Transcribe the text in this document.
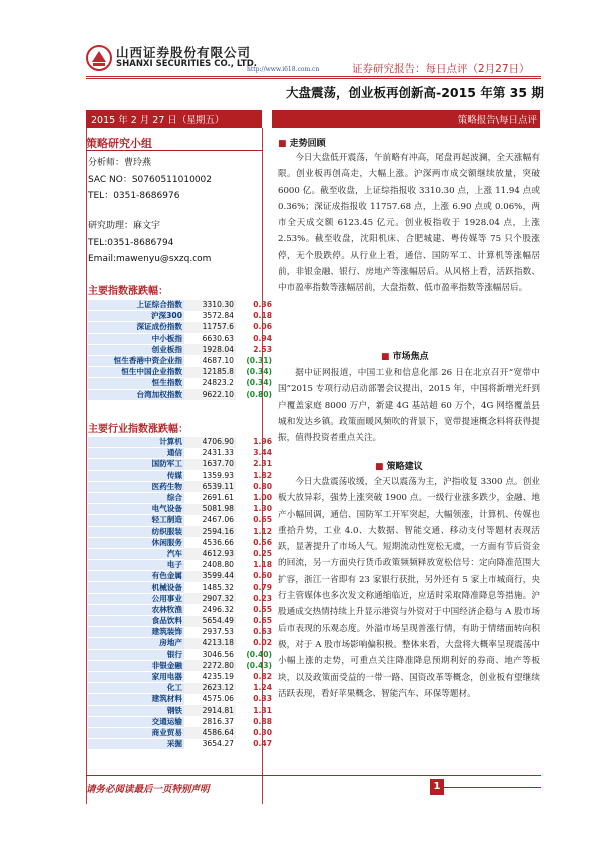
山西证券股份有限公司
SHANXI SECURITIES CO., LTD.
http://www.i618.com.cn	证券研究报告：每日点评（2月27日）
大盘震荡，创业板再创新高-2015 年第 35 期
2015 年 2 月 27 日（星期五）	策略报告\每日点评
策略研究小组
分析师：曹玲燕
SAC NO：S0760511010002
TEL：0351-8686976
研究助理：麻文宇
TEL:0351-8686794
Email:mawenyu@sxzq.com
主要指数涨跌幅：
上证综合指数	3310.30	0.36
沪深300	3572.84	0.18
深证成份指数	11757.6	0.06
中小板指	6630.63	0.94
创业板指	1928.04	2.53
恒生香港中资企业指	4687.10	(0.31)
恒生中国企业指数	12185.8	(0.34)
恒生指数	24823.2	(0.34)
台湾加权指数	9622.10	(0.80)
主要行业指数涨跌幅：
计算机	4706.90	1.96
通信	2431.33	3.44
国防军工	1637.70	2.31
传媒	1359.93	1.82
医药生物	6539.11	0.80
综合	2691.61	1.00
电气设备	5081.98	1.30
轻工制造	2467.06	0.65
纺织服装	2594.16	1.12
休闲服务	4536.66	0.56
汽车	4612.93	0.25
电子	2408.80	1.18
有色金属	3599.44	0.60
机械设备	1485.32	0.79
公用事业	2907.32	0.23
农林牧渔	2496.32	0.55
食品饮料	5654.49	0.65
建筑装饰	2937.53	0.63
房地产	4213.18	0.02
银行	3046.56	(0.40)
非银金融	2272.80	(0.43)
家用电器	4235.19	0.82
化工	2623.12	1.24
建筑材料	4575.06	0.33
钢铁	2914.81	1.31
交通运输	2816.37	0.88
商业贸易	4586.64	0.30
采掘	3654.27	0.47
■ 走势回顾
今日大盘低开震荡，午前略有冲高，尾盘再起波澜，全天涨幅有限。创业板再创高走，大幅上涨。沪深两市成交额继续放量，突破 6000 亿。截至收盘，上证综指报收 3310.30 点，上涨 11.94 点或 0.36%；深证成指报收 11757.68 点，上涨 6.90 点或 0.06%，两市全天成交额 6123.45 亿元。创业板指收于 1928.04 点，上涨 2.53%。截至收盘，沈阳机床、合肥城建、粤传媒等 75 只个股涨停，无个股跌停。从行业上看，通信、国防军工、计算机等涨幅居前，非银金融、银行、房地产等涨幅居后。从风格上看，活跃指数、中市盈率指数等涨幅居前，大盘指数、低市盈率指数等涨幅居后。
■ 市场焦点
据中证网报道，中国工业和信息化部 26 日在北京召开“宽带中国”2015 专项行动启动部署会议提出，2015 年，中国将新增光纤到户覆盖家庭 8000 万户，新建 4G 基站超 60 万个，4G 网络覆盖县城和发达乡镇。政策面暖风频吹的背景下，宽带提速概念料将获得提振，值得投资者重点关注。
■ 策略建议
今日大盘震荡收缓，全天以震荡为主，沪指收复 3300 点。创业板大放异彩，强势上涨突破 1900 点。一级行业涨多跌少，金融、地产小幅回调，通信、国防军工开军突起，大幅领涨，计算机、传媒也重拾升势，工业 4.0、大数据、智能交通、移动支付等题材表现活跃，显著提升了市场人气。短期流动性宽松无虞，一方面有节后资金的回流，另一方面央行货币政策频频释放宽松信号：定向降准范围大扩容，浙江一省即有 23 家银行获批，另外还有 5 家上市城商行，央行主管媒体也多次发文称通缩临近，应适时采取降准降息等措施。沪股通成交热情持续上升显示港资与外资对于中国经济企稳与 A 股市场后市表现的乐观态度。外溢市场呈现普涨行情，有助于情绪面转向积极，对于 A 股市场影响偏积极。整体来看，大盘将大概率呈现震荡中小幅上涨的走势，可重点关注降准降息预期利好的券商、地产等板块，以及政策面受益的一带一路、国资改革等概念，创业板有望继续活跃表现，看好苹果概念、智能汽车、环保等题材。
请务必阅读最后一页特别声明	1
